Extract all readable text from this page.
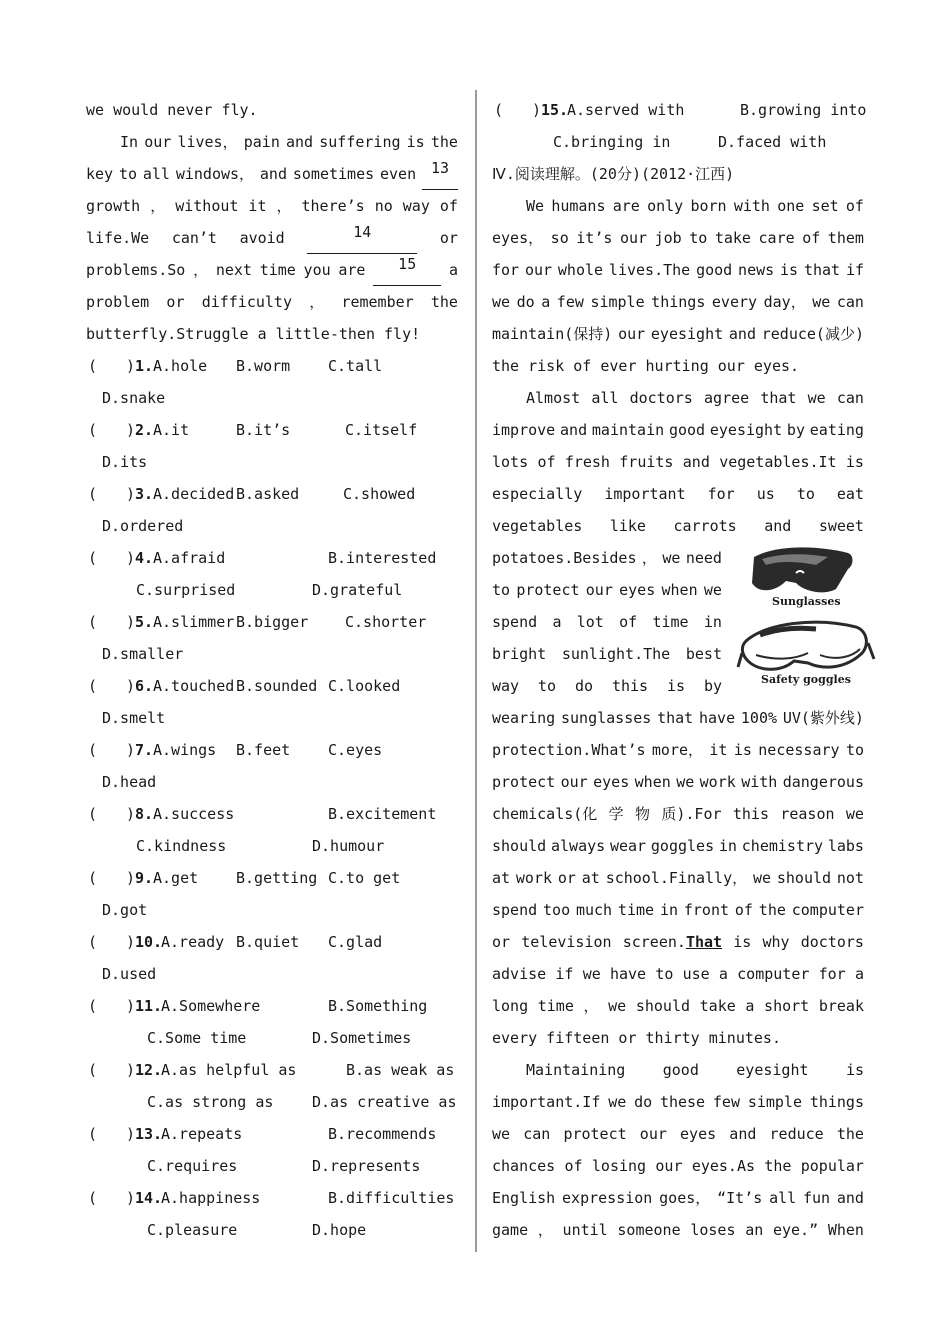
we would never fly.
In our lives， pain and suffering is the
key to all windows， and sometimes even 13
growth ， without it ， there’s no way of
life.We can’t avoid	14	or
problems.So ， next time you are	15	a
problem or difficulty ， remember the
butterfly.Struggle a little-then fly!
( ) 1. A.hole B.worm	C.tall
D.snake
( ) 2. A.it	B.it’s	C.itself
D.its
( ) 3. A.decided B.asked	C.showed
D.ordered
( ) 4. A.afraid	B.interested
C.surprised	D.grateful
( ) 5. A.slimmer B.bigger C.shorter
D.smaller
( ) 6. A.touched B.sounded C.looked
D.smelt
( ) 7. A.wings B.feet	C.eyes
D.head
( ) 8. A.success	B.excitement
C.kindness	D.humour
( ) 9. A.get	B.getting C.to get
D.got
( ) 10.
A.ready B.quiet C.glad
D.used
( ) 11.
A.Somewhere	B.Something
C.Some time	D.Sometimes
( ) 12.
A.as helpful as	B.as weak as
C.as strong as	D.as creative as
( ) 13.
A.repeats	B.recommends
C.requires	D.represents
( ) 14.
A.happiness	B.difficulties
C.pleasure	D.hope
( ) 15.
A.served with	B.growing into
C.bringing in	D.faced with
Ⅳ.阅读理解。(20分)(2012·江西)
We humans are only born with one set of
eyes， so it’s our job to take care of them
for our whole lives.The good news is that if
we do a few simple things every day， we can
maintain(保持) our eyesight and reduce(减少)
the risk of ever hurting our eyes.
Almost all doctors agree that we can
improve and maintain good eyesight by eating
lots of fresh fruits and vegetables.It is
especially important for us to eat
vegetables like carrots and sweet
potatoes.Besides ， we need
to protect our eyes when we
spend a lot of time in
bright sunlight.The best
way to do this is by
wearing sunglasses that have 100% UV(紫外线)
protection.What’s more， it is necessary to
protect our eyes when we work with dangerous
chemicals(化 学 物 质).For this reason we
should always wear goggles in chemistry labs
at work or at school.Finally， we should not
spend too much time in front of the computer
or television screen.That is why doctors
advise if we have to use a computer for a
long time ， we should take a short break
every fifteen or thirty minutes.
Maintaining good eyesight is
important.If we do these few simple things
we can protect our eyes and reduce the
chances of losing our eyes.As the popular
English expression goes， “It’s all fun and
game ， until someone loses an eye.” When
Sunglasses
Safety goggles
